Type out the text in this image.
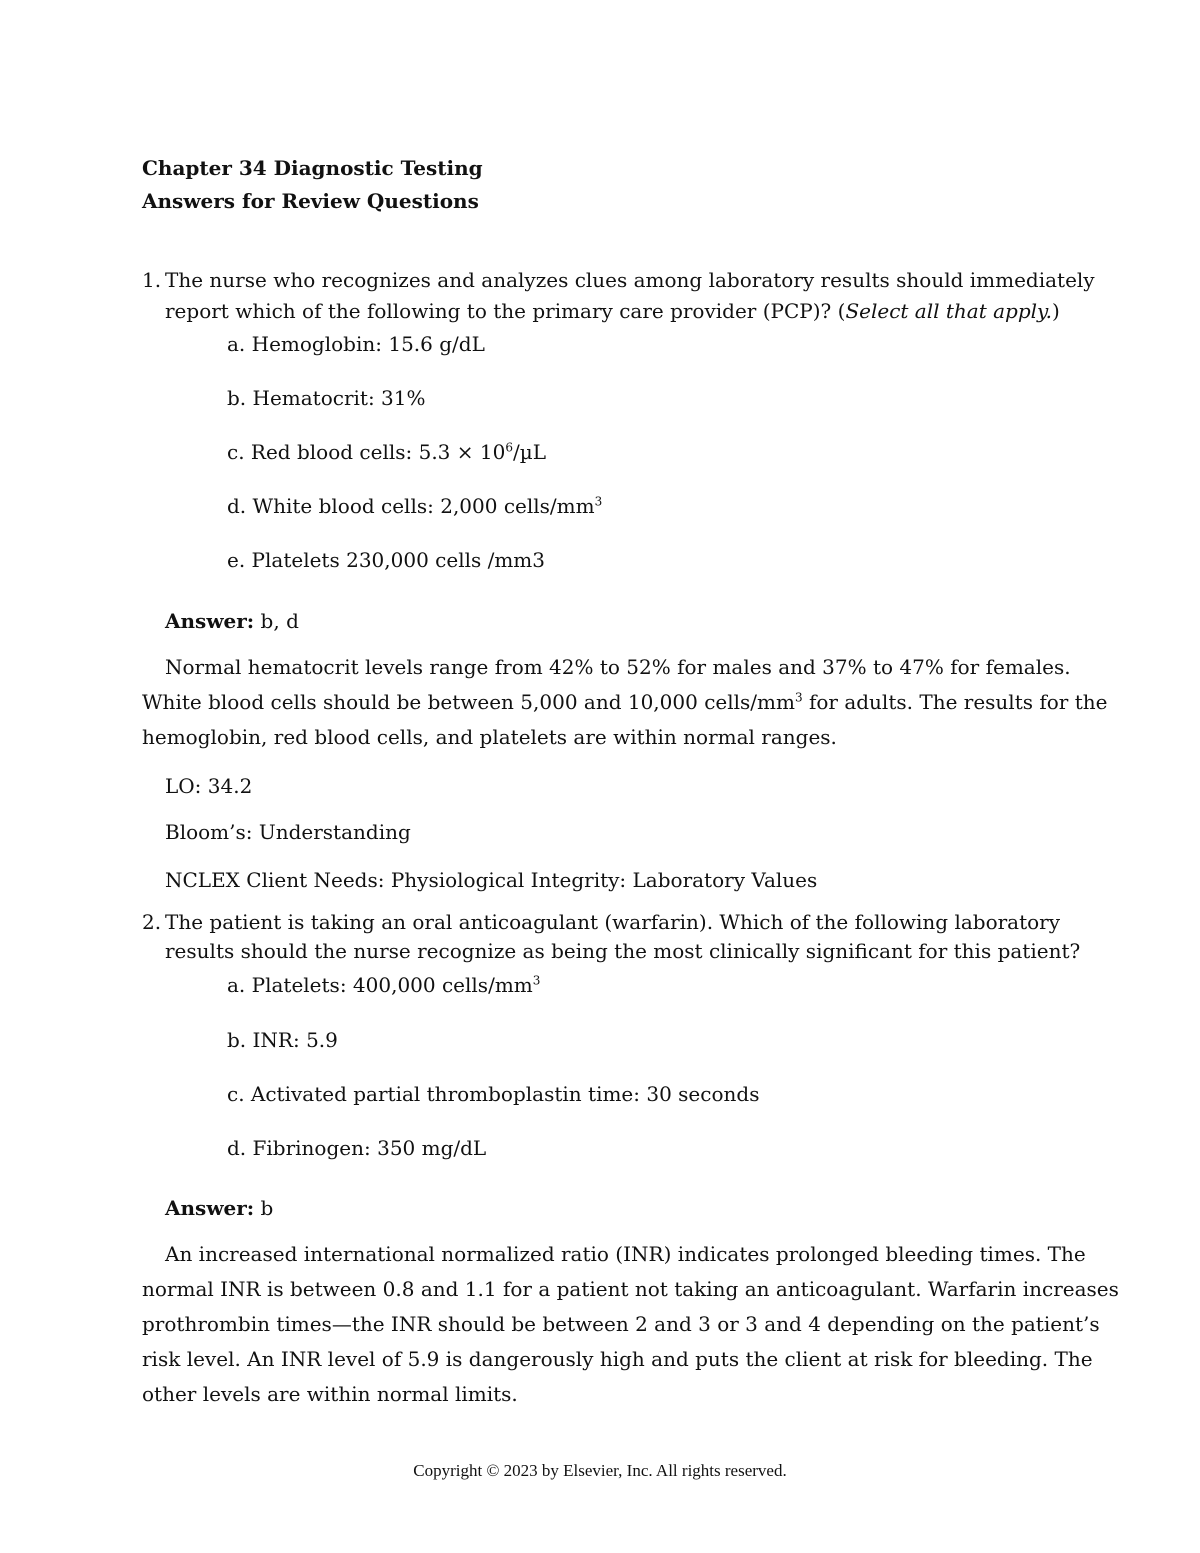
Chapter 34 Diagnostic Testing
Answers for Review Questions
1. The nurse who recognizes and analyzes clues among laboratory results should immediately
report which of the following to the primary care provider (PCP)? (Select all that apply.)
a. Hemoglobin: 15.6 g/dL
b. Hematocrit: 31%
c. Red blood cells: $5.3 \times 10^6/\mu L$
d. White blood cells: 2,000 cells/$mm^3$
e. Platelets 230,000 cells /mm3
Answer: b, d
Normal hematocrit levels range from 42% to 52% for males and 37% to 47% for females.
White blood cells should be between 5,000 and 10,000 cells/$mm^3$ for adults. The results for the
hemoglobin, red blood cells, and platelets are within normal ranges.
LO: 34.2
Bloom’s: Understanding
NCLEX Client Needs: Physiological Integrity: Laboratory Values
2. The patient is taking an oral anticoagulant (warfarin). Which of the following laboratory
results should the nurse recognize as being the most clinically significant for this patient?
a. Platelets: 400,000 cells/$mm^3$
b. INR: 5.9
c. Activated partial thromboplastin time: 30 seconds
d. Fibrinogen: 350 mg/dL
Answer: b
An increased international normalized ratio (INR) indicates prolonged bleeding times. The
normal INR is between 0.8 and 1.1 for a patient not taking an anticoagulant. Warfarin increases
prothrombin times—the INR should be between 2 and 3 or 3 and 4 depending on the patient’s
risk level. An INR level of 5.9 is dangerously high and puts the client at risk for bleeding. The
other levels are within normal limits.
Copyright © 2023 by Elsevier, Inc. All rights reserved.
